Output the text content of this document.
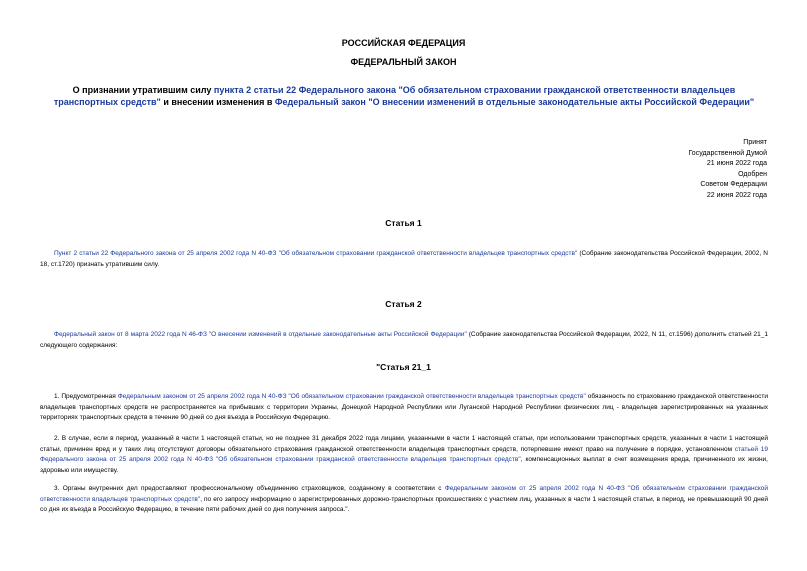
РОССИЙСКАЯ ФЕДЕРАЦИЯ
ФЕДЕРАЛЬНЫЙ ЗАКОН
О признании утратившим силу пункта 2 статьи 22 Федерального закона "Об обязательном страховании гражданской ответственности владельцев транспортных средств" и внесении изменения в Федеральный закон "О внесении изменений в отдельные законодательные акты Российской Федерации"
Принят
Государственной Думой
21 июня 2022 года
Одобрен
Советом Федерации
22 июня 2022 года
Статья 1
Пункт 2 статьи 22 Федерального закона от 25 апреля 2002 года N 40-ФЗ "Об обязательном страховании гражданской ответственности владельцев транспортных средств" (Собрание законодательства Российской Федерации, 2002, N 18, ст.1720) признать утратившим силу.
Статья 2
Федеральный закон от 8 марта 2022 года N 46-ФЗ "О внесении изменений в отдельные законодательные акты Российской Федерации" (Собрание законодательства Российской Федерации, 2022, N 11, ст.1596) дополнить статьей 21_1 следующего содержания:
"Статья 21_1
1. Предусмотренная Федеральным законом от 25 апреля 2002 года N 40-ФЗ "Об обязательном страховании гражданской ответственности владельцев транспортных средств" обязанность по страхованию гражданской ответственности владельцев транспортных средств не распространяется на прибывших с территории Украины, Донецкой Народной Республики или Луганской Народной Республики физических лиц - владельцев зарегистрированных на указанных территориях транспортных средств в течение 90 дней со дня въезда в Российскую Федерацию.
2. В случае, если в период, указанный в части 1 настоящей статьи, но не позднее 31 декабря 2022 года лицами, указанными в части 1 настоящей статьи, при использовании транспортных средств, указанных в части 1 настоящей статьи, причинен вред и у таких лиц отсутствуют договоры обязательного страхования гражданской ответственности владельцев транспортных средств, потерпевшие имеют право на получение в порядке, установленном статьей 19 Федерального закона от 25 апреля 2002 года N 40-ФЗ "Об обязательном страховании гражданской ответственности владельцев транспортных средств", компенсационных выплат в счет возмещения вреда, причиненного их жизни, здоровью или имуществу.
3. Органы внутренних дел предоставляют профессиональному объединению страховщиков, созданному в соответствии с Федеральным законом от 25 апреля 2002 года N 40-ФЗ "Об обязательном страховании гражданской ответственности владельцев транспортных средств", по его запросу информацию о зарегистрированных дорожно-транспортных происшествиях с участием лиц, указанных в части 1 настоящей статьи, в период, не превышающий 90 дней со дня их въезда в Российскую Федерацию, в течение пяти рабочих дней со дня получения запроса.".
